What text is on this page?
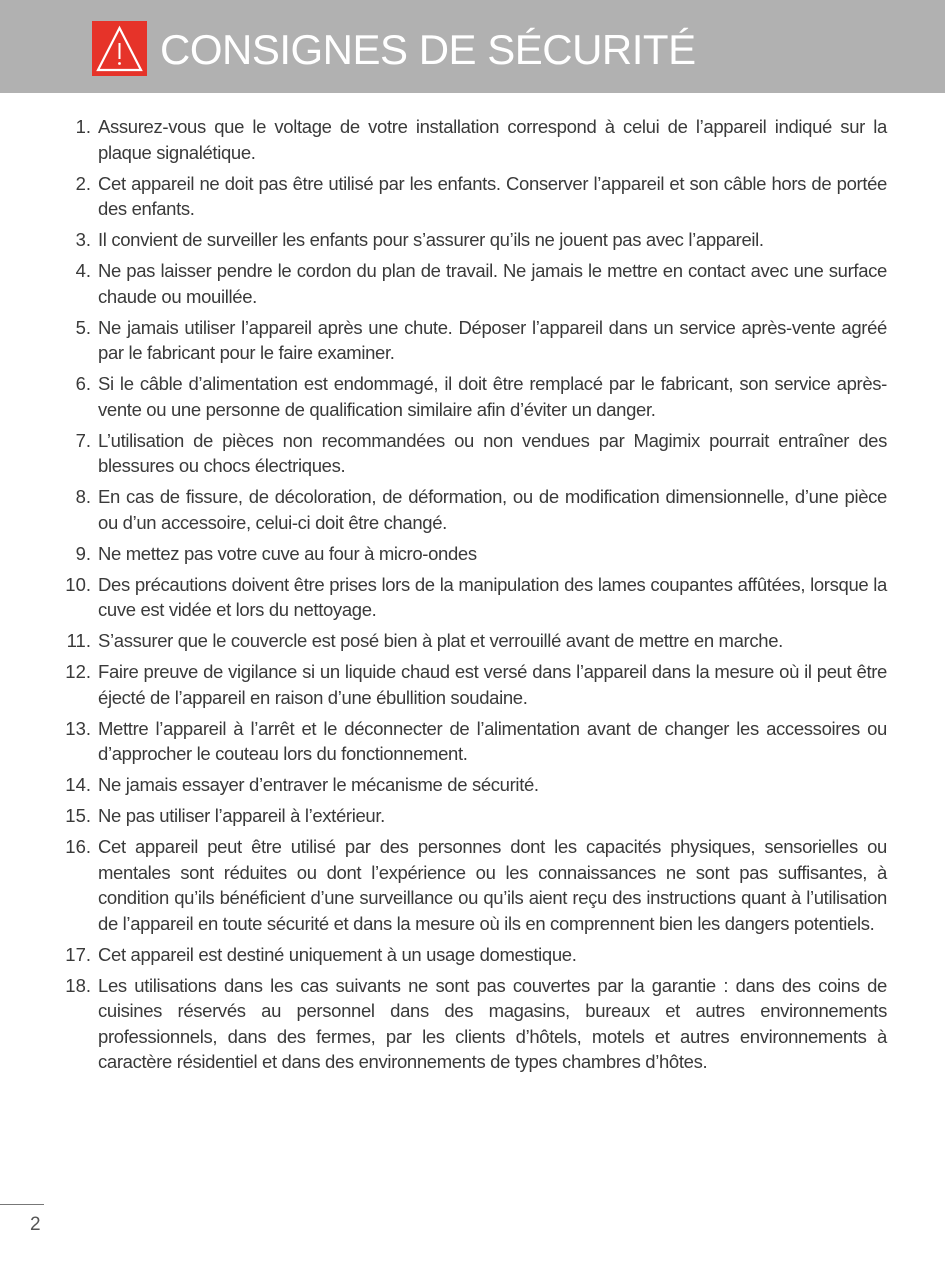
CONSIGNES DE SÉCURITÉ
1. Assurez-vous que le voltage de votre installation correspond à celui de l’appareil indiqué sur la plaque signalétique.
2. Cet appareil ne doit pas être utilisé par les enfants. Conserver l’appareil et son câble hors de portée des enfants.
3. Il convient de surveiller les enfants pour s’assurer qu’ils ne jouent pas avec l’appareil.
4. Ne pas laisser pendre le cordon du plan de travail. Ne jamais le mettre en contact avec une surface chaude ou mouillée.
5. Ne jamais utiliser l’appareil après une chute. Déposer l’appareil dans un service après-vente agréé par le fabricant pour le faire examiner.
6. Si le câble d’alimentation est endommagé, il doit être remplacé par le fabricant, son service après-vente ou une personne de qualification similaire afin d’éviter un danger.
7. L’utilisation de pièces non recommandées ou non vendues par Magimix pourrait entraîner des blessures ou chocs électriques.
8. En cas de fissure, de décoloration, de déformation, ou de modification dimensionnelle, d’une pièce ou d’un accessoire, celui-ci doit être changé.
9. Ne mettez pas votre cuve au four à micro-ondes
10. Des précautions doivent être prises lors de la manipulation des lames coupantes affûtées, lorsque la cuve est vidée et lors du nettoyage.
11. S’assurer que le couvercle est posé bien à plat et verrouillé avant de mettre en marche.
12. Faire preuve de vigilance si un liquide chaud est versé dans l’appareil dans la mesure où il peut être éjecté de l’appareil en raison d’une ébullition soudaine.
13. Mettre l’appareil à l’arrêt et le déconnecter de l’alimentation avant de changer les accessoires ou d’approcher le couteau lors du fonctionnement.
14. Ne jamais essayer d’entraver le mécanisme de sécurité.
15. Ne pas utiliser l’appareil à l’extérieur.
16. Cet appareil peut être utilisé par des personnes dont les capacités physiques, sensorielles ou mentales sont réduites ou dont l’expérience ou les connaissances ne sont pas suffisantes, à condition qu’ils bénéficient d’une surveillance ou qu’ils aient reçu des instructions quant à l’utilisation de l’appareil en toute sécurité et dans la mesure où ils en comprennent bien les dangers potentiels.
17. Cet appareil est destiné uniquement à un usage domestique.
18. Les utilisations dans les cas suivants ne sont pas couvertes par la garantie : dans des coins de cuisines réservés au personnel dans des magasins, bureaux et autres environnements professionnels, dans des fermes, par les clients d’hôtels, motels et autres environnements à caractère résidentiel et dans des environnements de types chambres d’hôtes.
2
